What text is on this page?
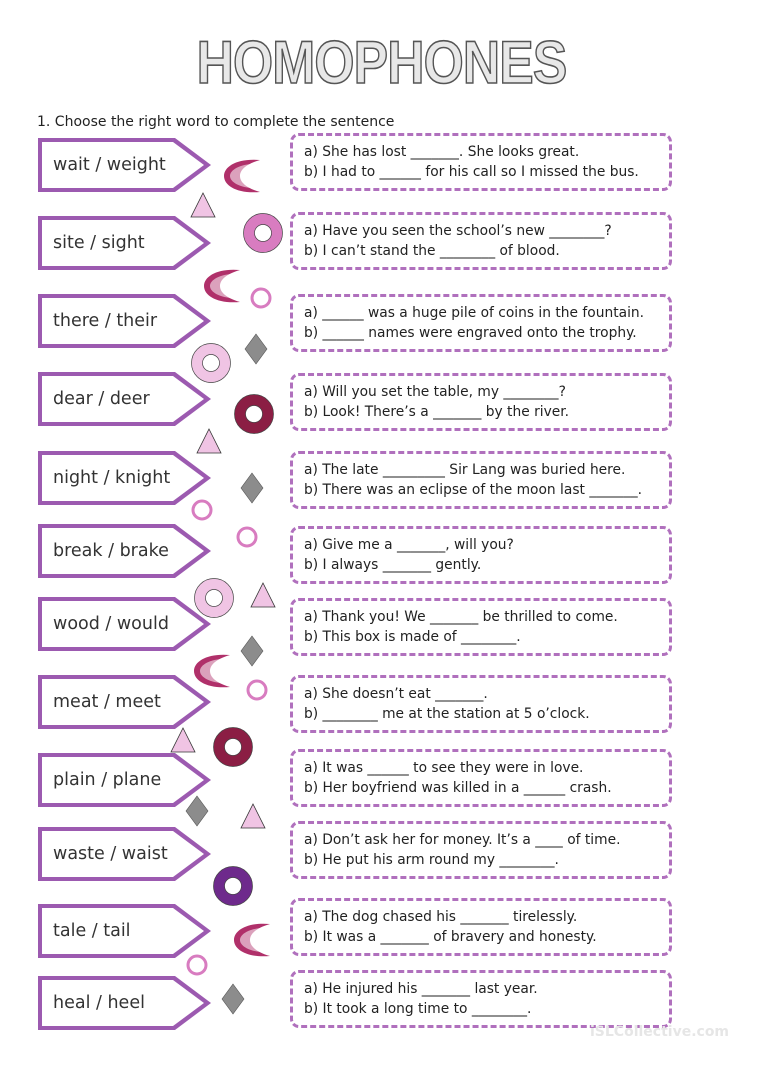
HOMOPHONES
1. Choose the right word to complete the sentence
wait / weight
a) She has lost _______. She looks great.
b) I had to ______ for his call so I missed the bus.
site / sight
a) Have you seen the school’s new ________?
b) I can’t stand the ________ of blood.
there / their	a) ______ was a huge pile of coins in the fountain.
b) ______ names were engraved onto the trophy.
dear / deer	a) Will you set the table, my ________?
b) Look! There’s a _______ by the river.
night / knight	a) The late _________ Sir Lang was buried here.
b) There was an eclipse of the moon last _______.
break / brake	a) Give me a _______, will you?
b) I always _______ gently.
wood / would	a) Thank you! We _______ be thrilled to come.
b) This box is made of ________.
meat / meet	a) She doesn’t eat _______.
b) ________ me at the station at 5 o’clock.
plain / plane
a) It was ______ to see they were in love.
b) Her boyfriend was killed in a ______ crash.
waste / waist
a) Don’t ask her for money. It’s a ____ of time.
b) He put his arm round my ________.
tale / tail
a) The dog chased his _______ tirelessly.
b) It was a _______ of bravery and honesty.
heal / heel
a) He injured his _______ last year.
b) It took a long time to ________.
iSLCollective.com
